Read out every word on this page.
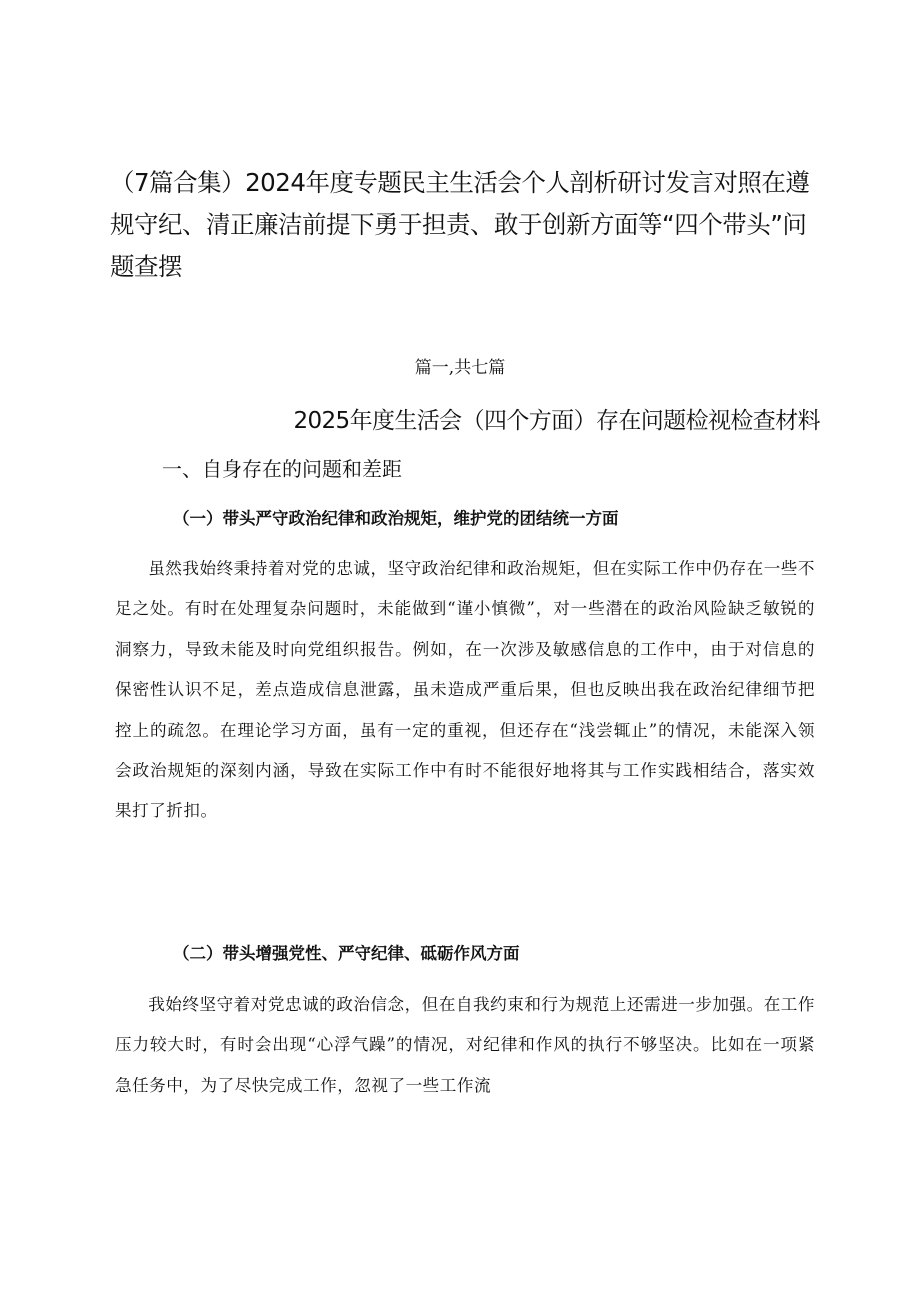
（7篇合集）2024年度专题民主生活会个人剖析研讨发言对照在遵规守纪、清正廉洁前提下勇于担责、敢于创新方面等“四个带头”问题查摆
篇一,共七篇
2025年度生活会（四个方面）存在问题检视检查材料
一、自身存在的问题和差距
（一）带头严守政治纪律和政治规矩，维护党的团结统一方面

虽然我始终秉持着对党的忠诚，坚守政治纪律和政治规矩，但在实际工作中仍存在一些不足之处。有时在处理复杂问题时，未能做到“谨小慎微”，对一些潜在的政治风险缺乏敏锐的洞察力，导致未能及时向党组织报告。例如，在一次涉及敏感信息的工作中，由于对信息的保密性认识不足，差点造成信息泄露，虽未造成严重后果，但也反映出我在政治纪律细节把控上的疏忽。在理论学习方面，虽有一定的重视，但还存在“浅尝辄止”的情况，未能深入领会政治规矩的深刻内涵，导致在实际工作中有时不能很好地将其与工作实践相结合，落实效果打了折扣。

（二）带头增强党性、严守纪律、砥砺作风方面

我始终坚守着对党忠诚的政治信念，但在自我约束和行为规范上还需进一步加强。在工作压力较大时，有时会出现“心浮气躁”的情况，对纪律和作风的执行不够坚决。比如在一项紧急任务中，为了尽快完成工作，忽视了一些工作流
